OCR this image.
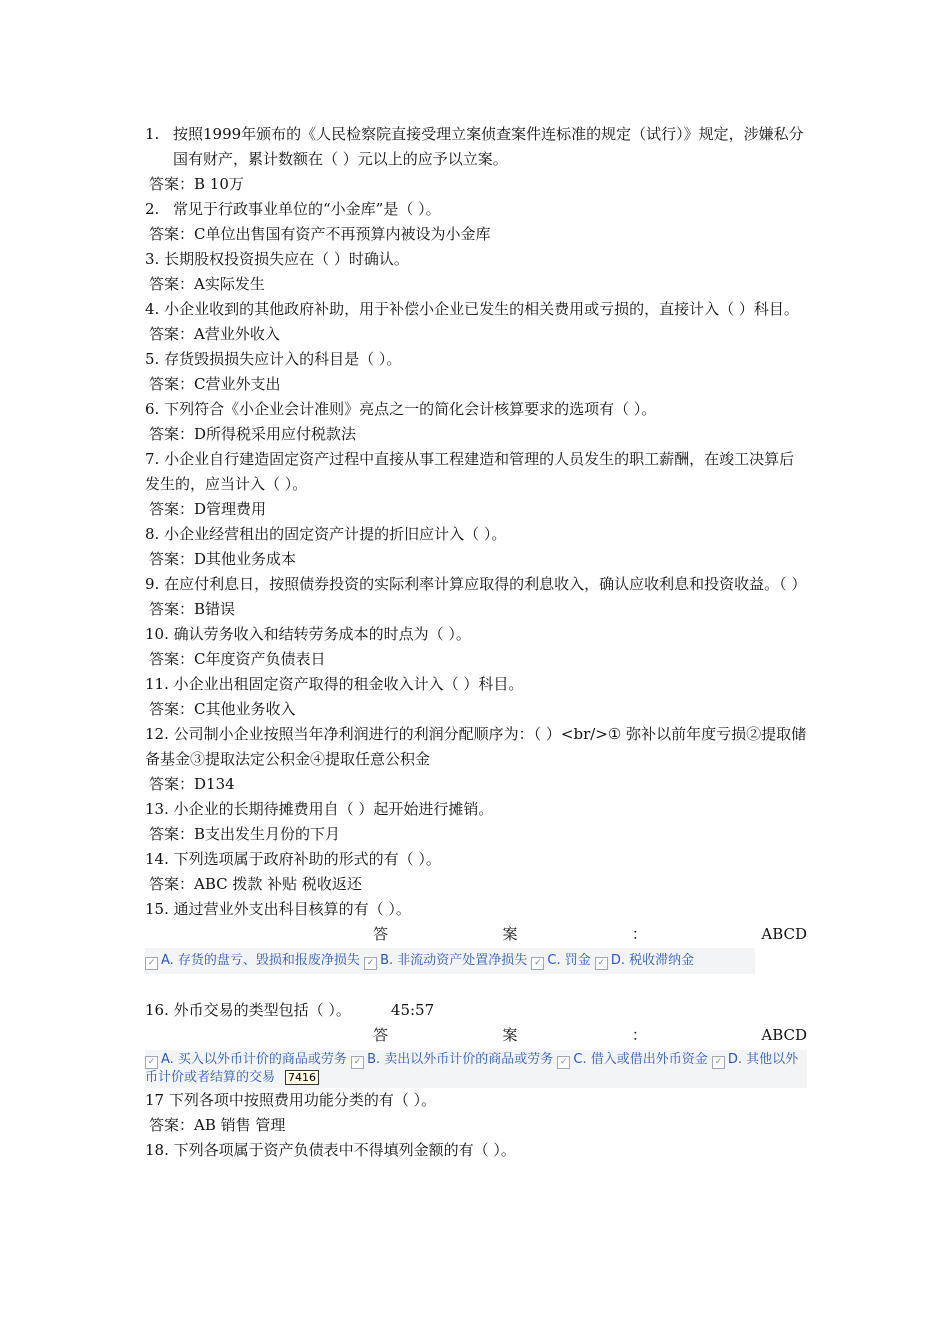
1. 按照1999年颁布的《人民检察院直接受理立案侦查案件连标准的规定（试行）》规定，涉嫌私分国有财产，累计数额在（ ）元以上的应予以立案。
答案：B 10万
2. 常见于行政事业单位的“小金库”是（ ）。
答案：C单位出售国有资产不再预算内被设为小金库
3. 长期股权投资损失应在（ ）时确认。
答案：A实际发生
4. 小企业收到的其他政府补助，用于补偿小企业已发生的相关费用或亏损的，直接计入（ ）科目。
答案：A营业外收入
5. 存货毁损损失应计入的科目是（ ）。
答案：C营业外支出
6. 下列符合《小企业会计准则》亮点之一的简化会计核算要求的选项有（ ）。
答案：D所得税采用应付税款法
7. 小企业自行建造固定资产过程中直接从事工程建造和管理的人员发生的职工薪酬，在竣工决算后发生的，应当计入（ ）。
答案：D管理费用
8. 小企业经营租出的固定资产计提的折旧应计入（ ）。
答案：D其他业务成本
9. 在应付利息日，按照债券投资的实际利率计算应取得的利息收入，确认应收利息和投资收益。（ ）
答案：B错误
10. 确认劳务收入和结转劳务成本的时点为（ ）。
答案：C年度资产负债表日
11. 小企业出租固定资产取得的租金收入计入（ ）科目。
答案：C其他业务收入
12. 公司制小企业按照当年净利润进行的利润分配顺序为：（ ）<br/>① 弥补以前年度亏损②提取储备基金③提取法定公积金④提取任意公积金
答案：D134
13. 小企业的长期待摊费用自（ ）起开始进行摊销。
答案：B支出发生月份的下月
14. 下列选项属于政府补助的形式的有（ ）。
答案：ABC 拨款 补贴 税收返还
15. 通过营业外支出科目核算的有（ ）。
答	案	：	ABCD
✓ A. 存货的盘亏、毁损和报废净损失 ✓ B. 非流动资产处置净损失 ✓ C. 罚金 ✓ D. 税收滞纳金
16. 外币交易的类型包括（ ）。	45:57
答	案	：	ABCD
✓ A. 买入以外币计价的商品或劳务 ✓ B. 卖出以外币计价的商品或劳务 ✓ C. 借入或借出外币资金 ✓ D. 其他以外币计价或者结算的交易 7416
17 下列各项中按照费用功能分类的有（ ）。
答案：AB 销售 管理
18. 下列各项属于资产负债表中不得填列金额的有（ ）。
